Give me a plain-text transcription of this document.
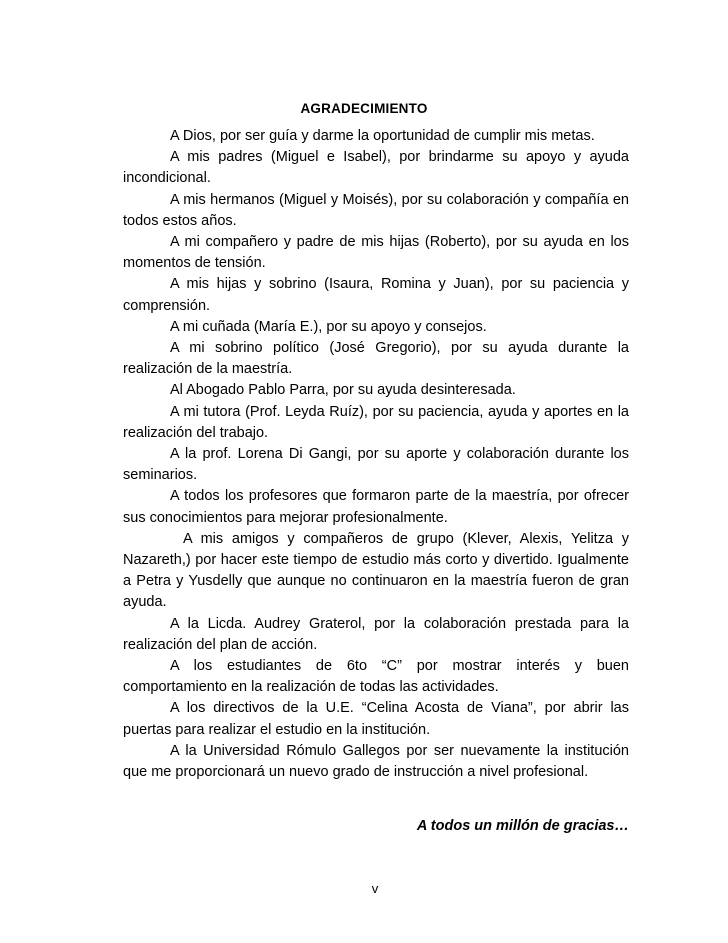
AGRADECIMIENTO

A Dios, por ser guía y darme la oportunidad de cumplir mis metas.

A mis padres (Miguel e Isabel), por brindarme su apoyo y ayuda incondicional.

A mis hermanos (Miguel y Moisés), por su colaboración y compañía en todos estos años.

A mi compañero y padre de mis hijas (Roberto), por su ayuda en los momentos de tensión.

A mis hijas y sobrino (Isaura, Romina y Juan), por su paciencia y comprensión.

A mi cuñada (María E.), por su apoyo y consejos.

A mi sobrino político (José Gregorio), por su ayuda durante la realización de la maestría.

Al Abogado Pablo Parra, por su ayuda desinteresada.

A mi tutora (Prof. Leyda Ruíz), por su paciencia, ayuda y aportes en la realización del trabajo.

A la prof. Lorena Di Gangi, por su aporte y colaboración durante los seminarios.

A todos los profesores que formaron parte de la maestría, por ofrecer sus conocimientos para mejorar profesionalmente.

A mis amigos y compañeros de grupo (Klever, Alexis, Yelitza y Nazareth,) por hacer este tiempo de estudio más corto y divertido. Igualmente a Petra y Yusdelly que aunque no continuaron en la maestría fueron de gran ayuda.

A la Licda. Audrey Graterol, por la colaboración prestada para la realización del plan de acción.

A los estudiantes de 6to “C” por mostrar interés y buen comportamiento en la realización de todas las actividades.

A los directivos de la U.E. “Celina Acosta de Viana”, por abrir las puertas para realizar el estudio en la institución.

A la Universidad Rómulo Gallegos por ser nuevamente la institución que me proporcionará un nuevo grado de instrucción a nivel profesional.

A todos un millón de gracias…
v
